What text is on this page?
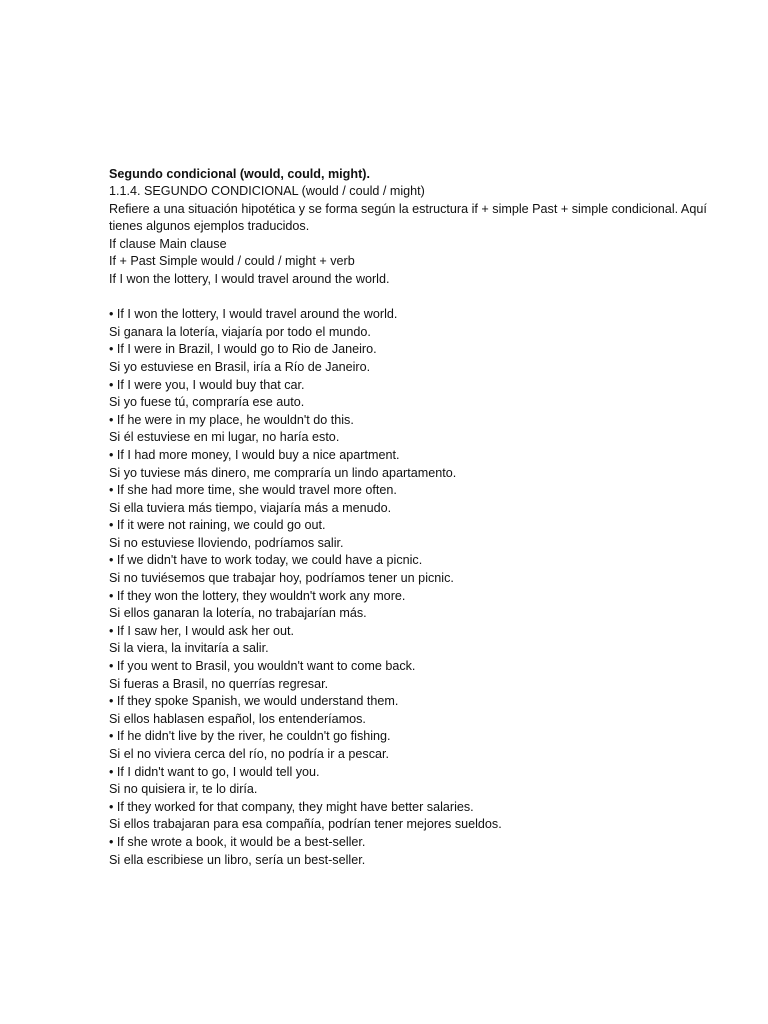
Segundo condicional (would, could, might).

1.1.4. SEGUNDO CONDICIONAL (would / could / might)

Refiere a una situación hipotética y se forma según la estructura if + simple Past + simple condicional. Aquí tienes algunos ejemplos traducidos.

If clause Main clause

If + Past Simple would / could / might + verb

If I won the lottery, I would travel around the world.

• If I won the lottery, I would travel around the world.

Si ganara la lotería, viajaría por todo el mundo.

• If I were in Brazil, I would go to Rio de Janeiro.

Si yo estuviese en Brasil, iría a Río de Janeiro.

• If I were you, I would buy that car.

Si yo fuese tú, compraría ese auto.

• If he were in my place, he wouldn't do this.

Si él estuviese en mi lugar, no haría esto.

• If I had more money, I would buy a nice apartment.

Si yo tuviese más dinero, me compraría un lindo apartamento.

• If she had more time, she would travel more often.

Si ella tuviera más tiempo, viajaría más a menudo.

• If it were not raining, we could go out.

Si no estuviese lloviendo, podríamos salir.

• If we didn't have to work today, we could have a picnic.

Si no tuviésemos que trabajar hoy, podríamos tener un picnic.

• If they won the lottery, they wouldn't work any more.

Si ellos ganaran la lotería, no trabajarían más.

• If I saw her, I would ask her out.

Si la viera, la invitaría a salir.

• If you went to Brasil, you wouldn't want to come back.

Si fueras a Brasil, no querrías regresar.

• If they spoke Spanish, we would understand them.

Si ellos hablasen español, los entenderíamos.

• If he didn't live by the river, he couldn't go fishing.

Si el no viviera cerca del río, no podría ir a pescar.

• If I didn't want to go, I would tell you.

Si no quisiera ir, te lo diría.

• If they worked for that company, they might have better salaries.

Si ellos trabajaran para esa compañía, podrían tener mejores sueldos.

• If she wrote a book, it would be a best-seller.

Si ella escribiese un libro, sería un best-seller.
